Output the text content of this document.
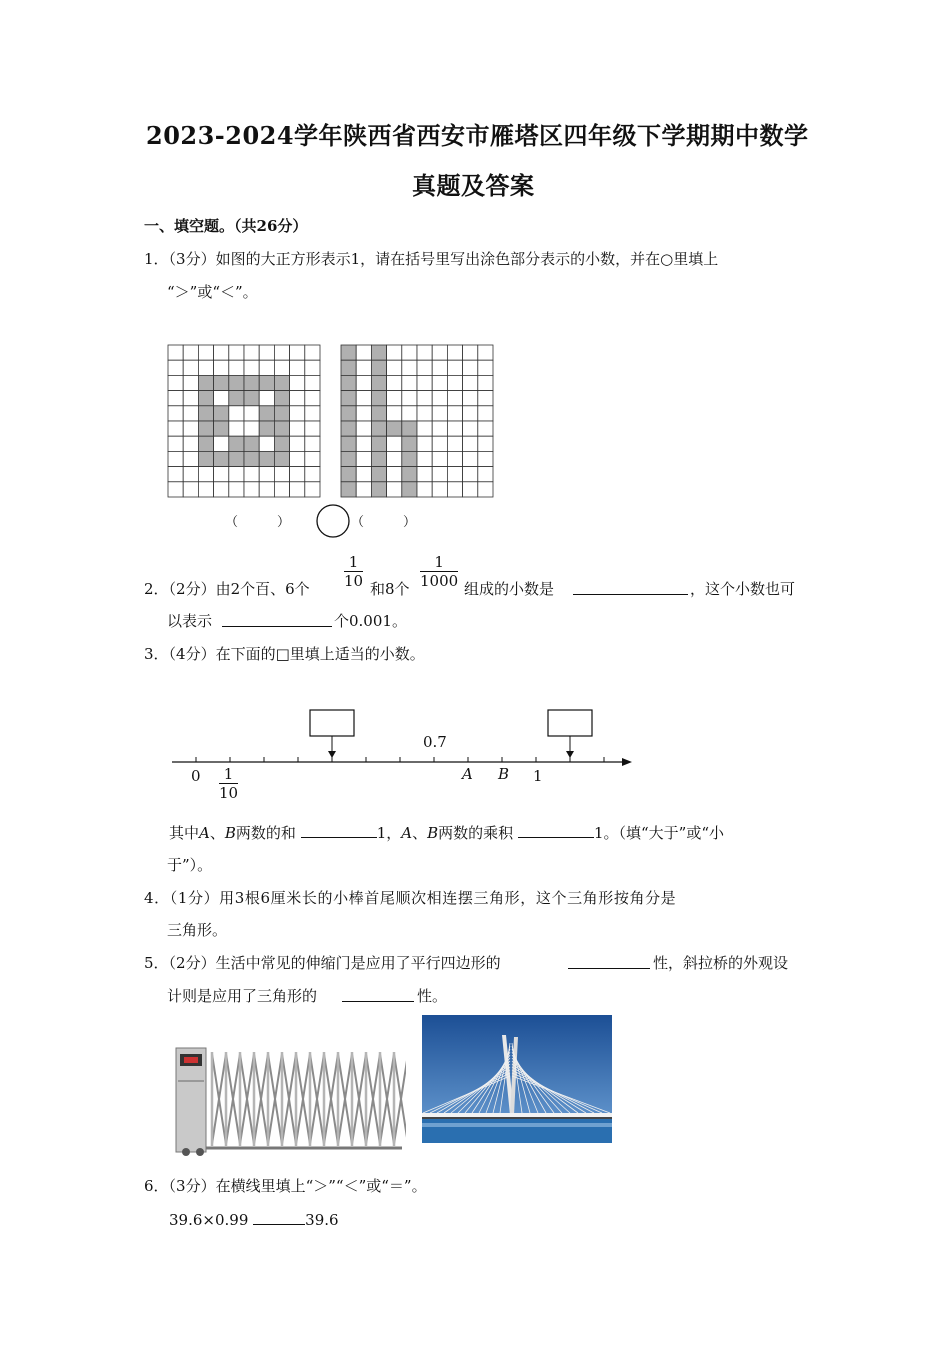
2023-2024学年陕西省西安市雁塔区四年级下学期期中数学
真题及答案
一、填空题。（共26分）
1．（3分）如图的大正方形表示1，请在括号里写出涂色部分表示的小数，并在○里填上
“＞”或“＜”。
（　　　）	（　　　）
2．（2分）由2个百、6个 $\frac{1}{10}$ 和8个 $\frac{1}{1000}$ 组成的小数是	，这个小数也可
以表示	个0.001。
3．（4分）在下面的□里填上适当的小数。
$0 \frac{1}{10}$
0.7
A B 1
其中A、B两数的和	1，A、B两数的乘积	1。（填“大于”或“小
于”）。
4．（1分）用3根6厘米长的小棒首尾顺次相连摆三角形，这个三角形按角分是
三角形。
5．（2分）生活中常见的伸缩门是应用了平行四边形的	性，斜拉桥的外观设
计则是应用了三角形的	性。
6．（3分）在横线里填上“＞”“＜”或“＝”。
39.6×0.99	39.6
